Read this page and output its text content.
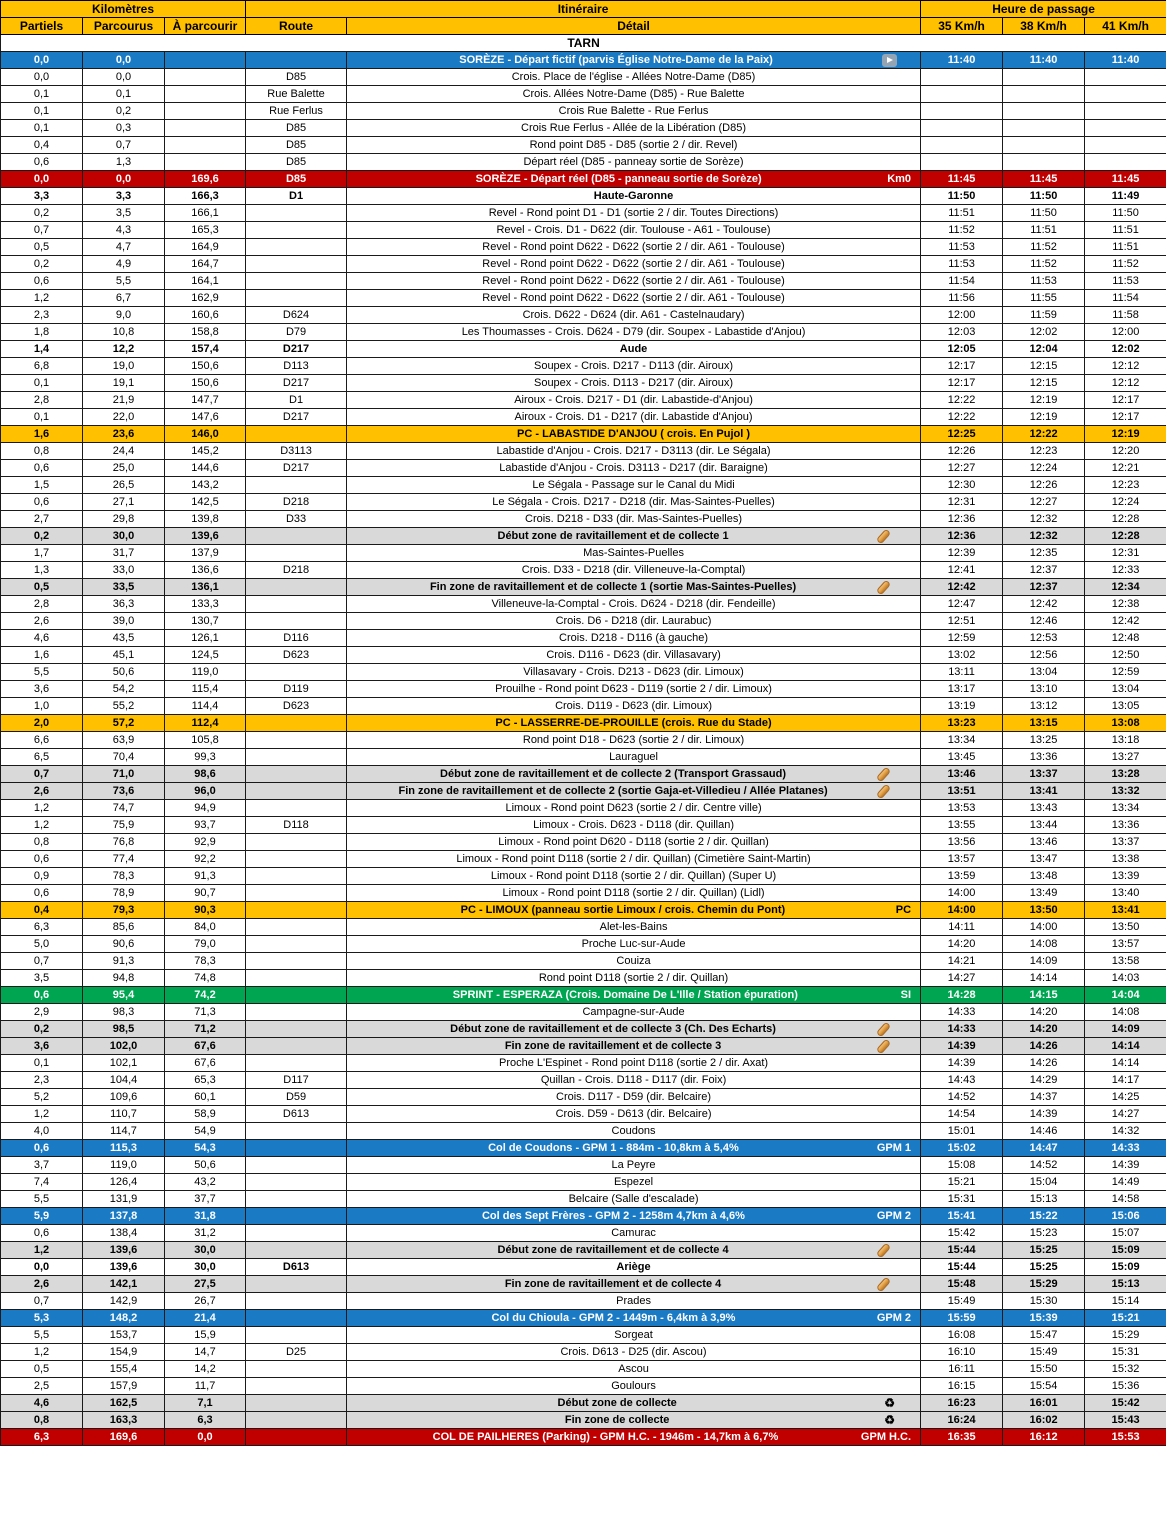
Kilomètres			Itinéraire		Heure de passage		
Partiels	Parcourus	À parcourir	Route	Détail	35 Km/h	38 Km/h	41 Km/h
TARN							
0,0	0,0			SORÈZE - Départ fictif (parvis Église Notre-Dame de la Paix)	11:40	11:40	11:40
0,0	0,0		D85	Crois. Place de l'église - Allées Notre-Dame (D85)			

0,1	0,1		Rue Balette	Crois. Allées Notre-Dame (D85) - Rue Balette			

0,1	0,2		Rue Ferlus	Crois Rue Balette - Rue Ferlus			

0,1	0,3		D85	Crois Rue Ferlus - Allée de la Libération (D85)			

0,4	0,7		D85	Rond point D85 - D85 (sortie 2 / dir. Revel)			

0,6	1,3		D85	Départ réel (D85 - panneay sortie de Sorèze)			

0,0	0,0	169,6	D85	SORÈZE - Départ réel (D85 - panneau sortie de Sorèze) Km0	11:45	11:45	11:45
3,3	3,3	166,3	D1	Haute-Garonne	11:50	11:50	11:49
0,2	3,5	166,1		Revel - Rond point D1 - D1 (sortie 2 / dir. Toutes Directions)	11:51	11:50	11:50
0,7	4,3	165,3		Revel - Crois. D1 - D622 (dir. Toulouse - A61 - Toulouse)	11:52	11:51	11:51
0,5	4,7	164,9		Revel - Rond point D622 - D622 (sortie 2 / dir. A61 - Toulouse)	11:53	11:52	11:51
0,2	4,9	164,7		Revel - Rond point D622 - D622 (sortie 2 / dir. A61 - Toulouse)	11:53	11:52	11:52
0,6	5,5	164,1		Revel - Rond point D622 - D622 (sortie 2 / dir. A61 - Toulouse)	11:54	11:53	11:53
1,2	6,7	162,9		Revel - Rond point D622 - D622 (sortie 2 / dir. A61 - Toulouse)	11:56	11:55	11:54
2,3	9,0	160,6	D624	Crois. D622 - D624 (dir. A61 - Castelnaudary)	12:00	11:59	11:58
1,8	10,8	158,8	D79	Les Thoumasses - Crois. D624 - D79 (dir. Soupex - Labastide d'Anjou)	12:03	12:02	12:00
1,4	12,2	157,4	D217	Aude	12:05	12:04	12:02
6,8	19,0	150,6	D113	Soupex - Crois. D217 - D113 (dir. Airoux)	12:17	12:15	12:12
0,1	19,1	150,6	D217	Soupex - Crois. D113 - D217 (dir. Airoux)	12:17	12:15	12:12
2,8	21,9	147,7	D1	Airoux - Crois. D217 - D1 (dir. Labastide-d'Anjou)	12:22	12:19	12:17
0,1	22,0	147,6	D217	Airoux - Crois. D1 - D217 (dir. Labastide d'Anjou)	12:22	12:19	12:17
1,6	23,6	146,0		PC - LABASTIDE D'ANJOU ( crois. En Pujol )	12:25	12:22	12:19
0,8	24,4	145,2	D3113	Labastide d'Anjou - Crois. D217 - D3113 (dir. Le Ségala)	12:26	12:23	12:20
0,6	25,0	144,6	D217	Labastide d'Anjou - Crois. D3113 - D217 (dir. Baraigne)	12:27	12:24	12:21
1,5	26,5	143,2		Le Ségala - Passage sur le Canal du Midi	12:30	12:26	12:23
0,6	27,1	142,5	D218	Le Ségala - Crois. D217 - D218 (dir. Mas-Saintes-Puelles)	12:31	12:27	12:24
2,7	29,8	139,8	D33	Crois. D218 - D33 (dir. Mas-Saintes-Puelles)	12:36	12:32	12:28
0,2	30,0	139,6		Début zone de ravitaillement et de collecte 1	12:36	12:32	12:28
1,7	31,7	137,9		Mas-Saintes-Puelles	12:39	12:35	12:31
1,3	33,0	136,6	D218	Crois. D33 - D218 (dir. Villeneuve-la-Comptal)	12:41	12:37	12:33
0,5	33,5	136,1		Fin zone de ravitaillement et de collecte 1 (sortie Mas-Saintes-Puelles)	12:42	12:37	12:34
2,8	36,3	133,3		Villeneuve-la-Comptal - Crois. D624 - D218 (dir. Fendeille)	12:47	12:42	12:38
2,6	39,0	130,7		Crois. D6 - D218 (dir. Laurabuc)	12:51	12:46	12:42
4,6	43,5	126,1	D116	Crois. D218 - D116 (à gauche)	12:59	12:53	12:48
1,6	45,1	124,5	D623	Crois. D116 - D623 (dir. Villasavary)	13:02	12:56	12:50
5,5	50,6	119,0		Villasavary - Crois. D213 - D623 (dir. Limoux)	13:11	13:04	12:59
3,6	54,2	115,4	D119	Prouilhe - Rond point D623 - D119 (sortie 2 / dir. Limoux)	13:17	13:10	13:04
1,0	55,2	114,4	D623	Crois. D119 - D623 (dir. Limoux)	13:19	13:12	13:05
2,0	57,2	112,4		PC - LASSERRE-DE-PROUILLE (crois. Rue du Stade)	13:23	13:15	13:08
6,6	63,9	105,8		Rond point D18 - D623 (sortie 2 / dir. Limoux)	13:34	13:25	13:18
6,5	70,4	99,3		Lauraguel	13:45	13:36	13:27
0,7	71,0	98,6		Début zone de ravitaillement et de collecte 2 (Transport Grassaud)	13:46	13:37	13:28
2,6	73,6	96,0		Fin zone de ravitaillement et de collecte 2 (sortie Gaja-et-Villedieu / Allée Platanes)	13:51	13:41	13:32
1,2	74,7	94,9		Limoux - Rond point D623 (sortie 2 / dir. Centre ville)	13:53	13:43	13:34
1,2	75,9	93,7	D118	Limoux - Crois. D623 - D118 (dir. Quillan)	13:55	13:44	13:36
0,8	76,8	92,9		Limoux - Rond point D620 - D118 (sortie 2 / dir. Quillan)	13:56	13:46	13:37
0,6	77,4	92,2		Limoux - Rond point D118 (sortie 2 / dir. Quillan) (Cimetière Saint-Martin)	13:57	13:47	13:38
0,9	78,3	91,3		Limoux - Rond point D118 (sortie 2 / dir. Quillan) (Super U)	13:59	13:48	13:39
0,6	78,9	90,7		Limoux - Rond point D118 (sortie 2 / dir. Quillan) (Lidl)	14:00	13:49	13:40
0,4	79,3	90,3		PC - LIMOUX (panneau sortie Limoux / crois. Chemin du Pont) PC	14:00	13:50	13:41
6,3	85,6	84,0		Alet-les-Bains	14:11	14:00	13:50
5,0	90,6	79,0		Proche Luc-sur-Aude	14:20	14:08	13:57
0,7	91,3	78,3		Couiza	14:21	14:09	13:58
3,5	94,8	74,8		Rond point D118 (sortie 2 / dir. Quillan)	14:27	14:14	14:03
0,6	95,4	74,2		SPRINT - ESPERAZA (Crois. Domaine De L'Ille / Station épuration) SI	14:28	14:15	14:04
2,9	98,3	71,3		Campagne-sur-Aude	14:33	14:20	14:08
0,2	98,5	71,2		Début zone de ravitaillement et de collecte 3 (Ch. Des Echarts)	14:33	14:20	14:09
3,6	102,0	67,6		Fin zone de ravitaillement et de collecte 3	14:39	14:26	14:14
0,1	102,1	67,6		Proche L'Espinet - Rond point D118 (sortie 2 / dir. Axat)	14:39	14:26	14:14
2,3	104,4	65,3	D117	Quillan - Crois. D118 - D117 (dir. Foix)	14:43	14:29	14:17
5,2	109,6	60,1	D59	Crois. D117 - D59 (dir. Belcaire)	14:52	14:37	14:25
1,2	110,7	58,9	D613	Crois. D59 - D613 (dir. Belcaire)	14:54	14:39	14:27
4,0	114,7	54,9		Coudons	15:01	14:46	14:32
0,6	115,3	54,3		Col de Coudons - GPM 1 - 884m - 10,8km à 5,4% GPM 1	15:02	14:47	14:33
3,7	119,0	50,6		La Peyre	15:08	14:52	14:39
7,4	126,4	43,2		Espezel	15:21	15:04	14:49
5,5	131,9	37,7		Belcaire (Salle d'escalade)	15:31	15:13	14:58
5,9	137,8	31,8		Col des Sept Frères - GPM 2 - 1258m 4,7km à 4,6% GPM 2	15:41	15:22	15:06
0,6	138,4	31,2		Camurac	15:42	15:23	15:07
1,2	139,6	30,0		Début zone de ravitaillement et de collecte 4	15:44	15:25	15:09
0,0	139,6	30,0	D613	Ariège	15:44	15:25	15:09
2,6	142,1	27,5		Fin zone de ravitaillement et de collecte 4	15:48	15:29	15:13
0,7	142,9	26,7		Prades	15:49	15:30	15:14
5,3	148,2	21,4		Col du Chioula - GPM 2 - 1449m - 6,4km à 3,9% GPM 2	15:59	15:39	15:21
5,5	153,7	15,9		Sorgeat	16:08	15:47	15:29
1,2	154,9	14,7	D25	Crois. D613 - D25 (dir. Ascou)	16:10	15:49	15:31
0,5	155,4	14,2		Ascou	16:11	15:50	15:32
2,5	157,9	11,7		Goulours	16:15	15:54	15:36
4,6	162,5	7,1		Début zone de collecte ♻	16:23	16:01	15:42
0,8	163,3	6,3		Fin zone de collecte ♻	16:24	16:02	15:43
6,3	169,6	0,0		COL DE PAILHERES (Parking) - GPM H.C. - 1946m - 14,7km à 6,7% GPM H.C.	16:35	16:12	15:53
